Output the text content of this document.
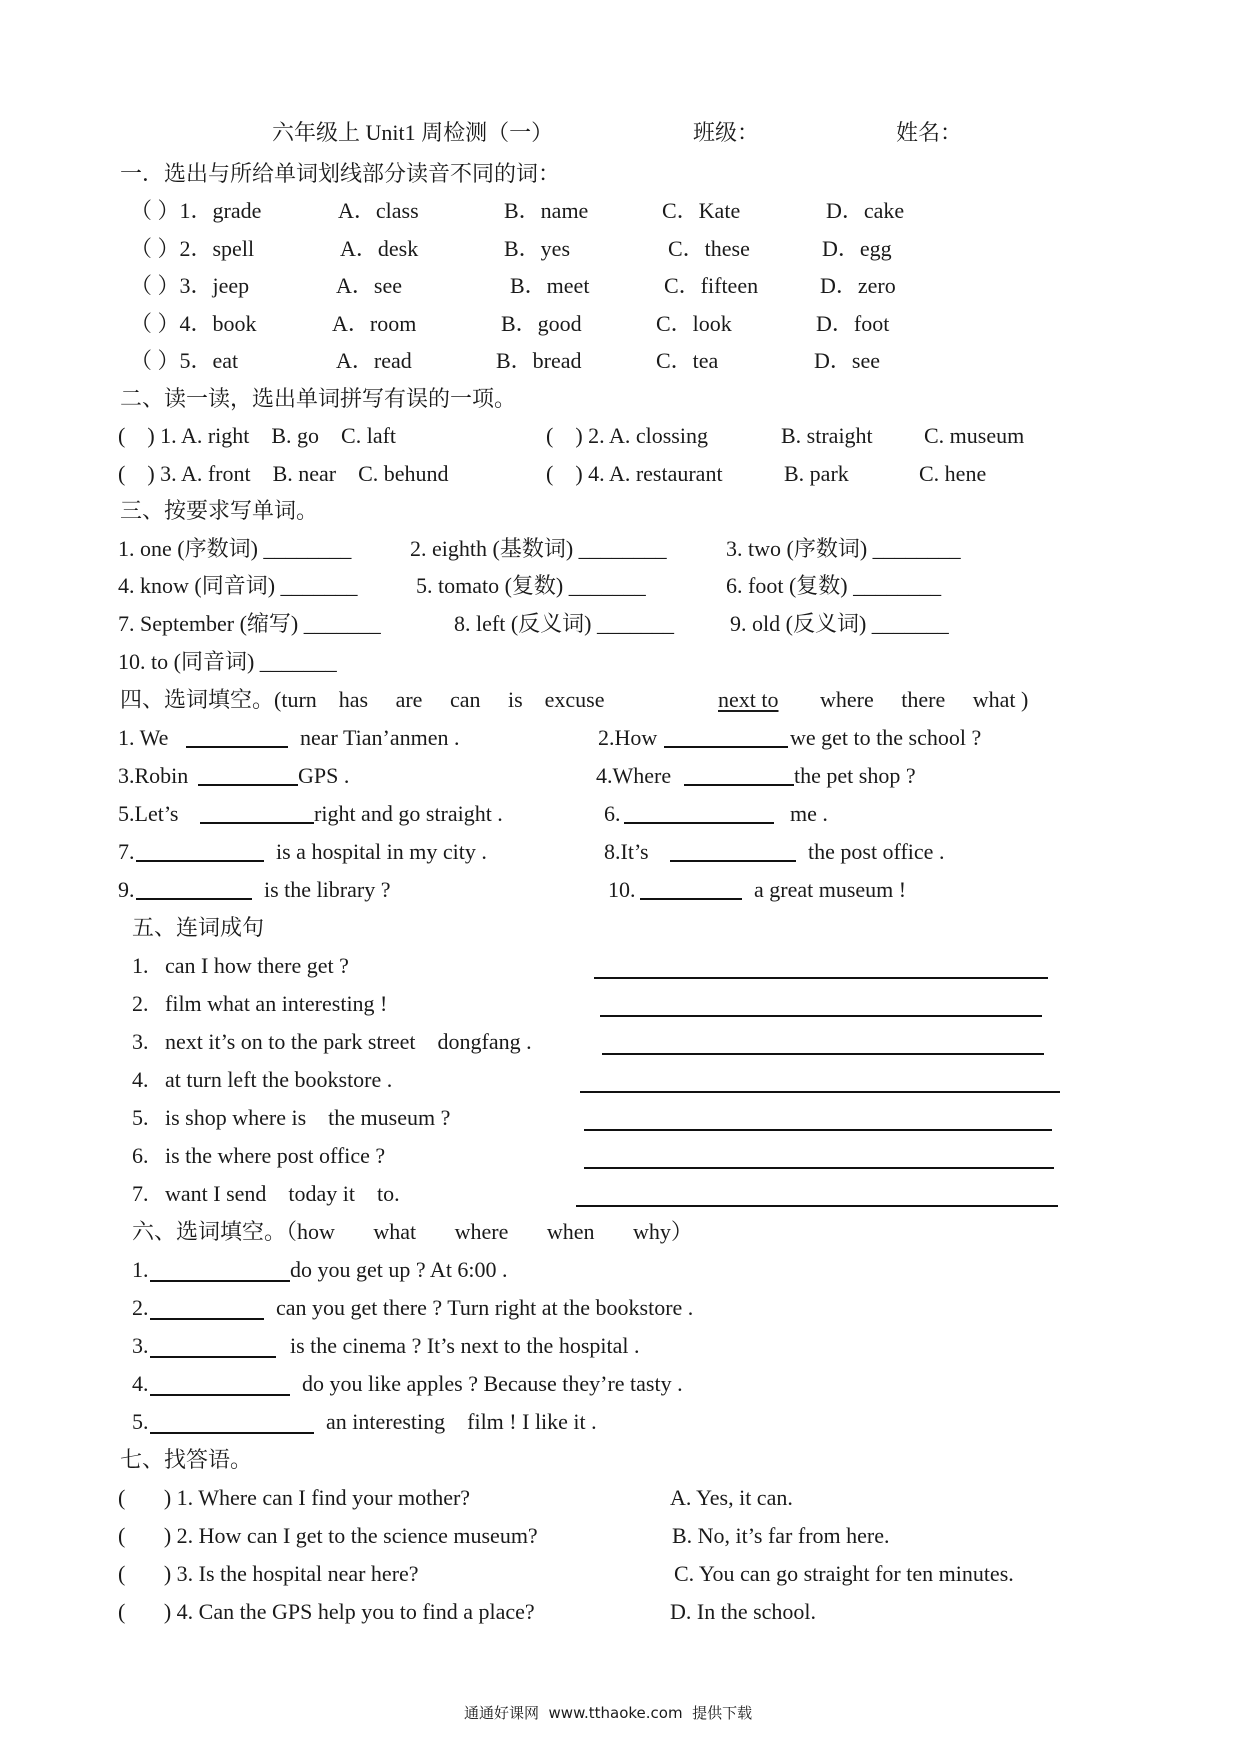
六年级上 Unit1 周检测（一）	班级：	姓名：
一．选出与所给单词划线部分读音不同的词：
（ ）1．grade	A．class	B．name	C．Kate	D．cake
（ ）2．spell	A．desk	B．yes	C．these	D．egg
（ ）3．jeep	A．see	B．meet	C．fifteen	D．zero
（ ）4．book	A．room	B．good	C．look	D．foot
（ ）5．eat	A．read	B．bread	C．tea	D．see
二、读一读，选出单词拼写有误的一项。
(    ) 1. A. right    B. go    C. laft	(    ) 2. A. clossing	B. straight C. museum
(    ) 3. A. front    B. near    C. behund	(    ) 4. A. restaurant	B. park	C. hene
三、按要求写单词。
1. one (序数词) ________	2. eighth (基数词) ________	3. two (序数词) ________
4. know (同音词) _______	5. tomato (复数) _______	6. foot (复数) ________
7. September (缩写) _______	8. left (反义词) _______	9. old (反义词) _______
10. to (同音词) _______
四、选词填空。(turn    has     are     can     is    excuse	next to where     there     what )
1. We	near Tian’anmen .	2.How	we get to the school ?
3.Robin	GPS .	4.Where	the pet shop ?
5.Let’s	right and go straight .	6.	me .
7.	is a hospital in my city .	8.It’s	the post office .
9.	is the library ?	10.	a great museum !
五、连词成句
1.   can I how there get ?
2.   film what an interesting !
3.   next it’s on to the park street    dongfang .
4.   at turn left the bookstore .
5.   is shop where is    the museum ?
6.   is the where post office ?
7.   want I send    today it    to.
六、选词填空。（how       what       where       when       why）
1.	do you get up ? At 6:00 .
2.	can you get there ? Turn right at the bookstore .
3.	is the cinema ? It’s next to the hospital .
4.	do you like apples ? Because they’re tasty .
5.	an interesting    film ! I like it .
七、找答语。
(       ) 1. Where can I find your mother?	A. Yes, it can.
(       ) 2. How can I get to the science museum?	B. No, it’s far from here.
(       ) 3. Is the hospital near here?	C. You can go straight for ten minutes.
(       ) 4. Can the GPS help you to find a place?	D. In the school.
通通好课网  www.tthaoke.com  提供下载
